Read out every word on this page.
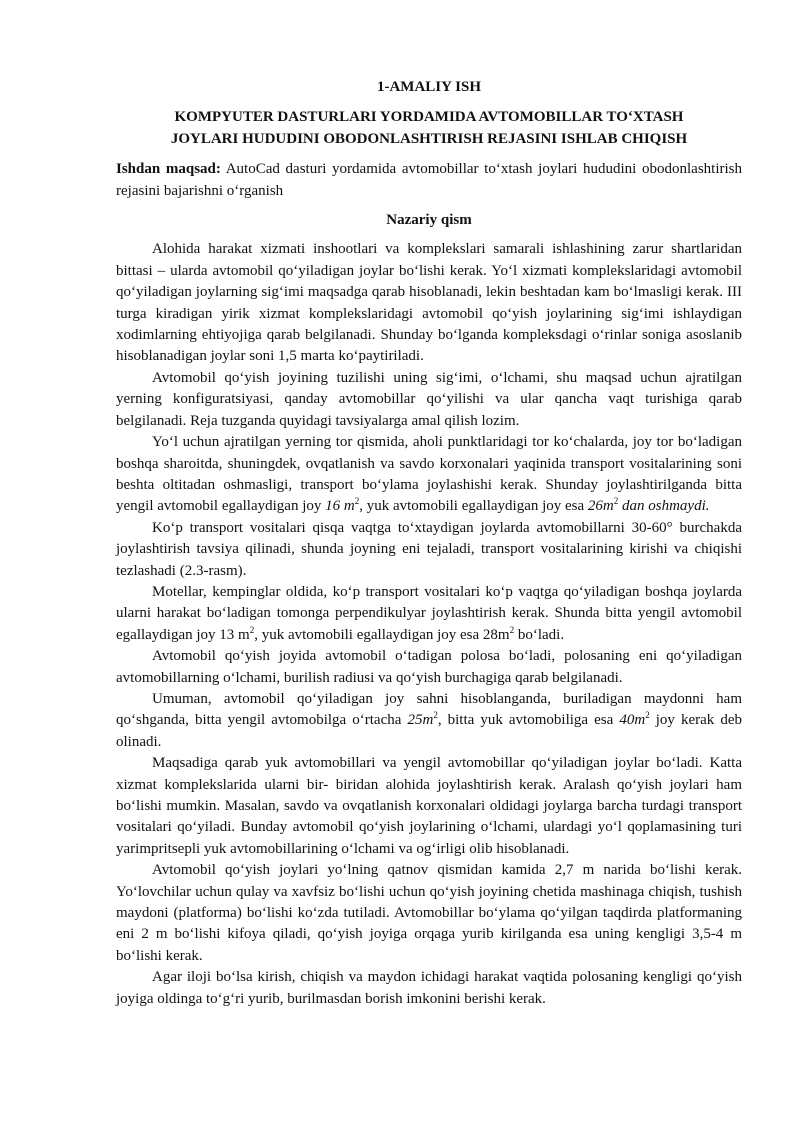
1-AMALIY ISH
KOMPYUTER DASTURLARI YORDAMIDA AVTOMOBILLAR TO‘XTASH
JOYLARI HUDUDINI OBODONLASHTIRISH REJASINI ISHLAB CHIQISH
Ishdan maqsad: AutoCad dasturi yordamida avtomobillar to‘xtash joylari hududini obodonlashtirish rejasini bajarishni o‘rganish
Nazariy qism

Alohida harakat xizmati inshootlari va komplekslari samarali ishlashining zarur shartlaridan bittasi – ularda avtomobil qo‘yiladigan joylar bo‘lishi kerak. Yo‘l xizmati komplekslaridagi avtomobil qo‘yiladigan joylarning sig‘imi maqsadga qarab hisoblanadi, lekin beshtadan kam bo‘lmasligi kerak. III turga kiradigan yirik xizmat komplekslaridagi avtomobil qo‘yish joylarining sig‘imi ishlaydigan xodimlarning ehtiyojiga qarab belgilanadi. Shunday bo‘lganda kompleksdagi o‘rinlar soniga asoslanib hisoblanadigan joylar soni 1,5 marta ko‘paytiriladi.

Avtomobil qo‘yish joyining tuzilishi uning sig‘imi, o‘lchami, shu maqsad uchun ajratilgan yerning konfiguratsiyasi, qanday avtomobillar qo‘yilishi va ular qancha vaqt turishiga qarab belgilanadi. Reja tuzganda quyidagi tavsiyalarga amal qilish lozim.

Yo‘l uchun ajratilgan yerning tor qismida, aholi punktlaridagi tor ko‘chalarda, joy tor bo‘ladigan boshqa sharoitda, shuningdek, ovqatlanish va savdo korxonalari yaqinida transport vositalarining soni beshta oltitadan oshmasligi, transport bo‘ylama joylashishi kerak. Shunday joylashtirilganda bitta yengil avtomobil egallaydigan joy 16 $m^2$, yuk avtomobili egallaydigan joy esa $26m^2$ dan oshmaydi.

Ko‘p transport vositalari qisqa vaqtga to‘xtaydigan joylarda avtomobillarni 30-60° burchakda joylashtirish tavsiya qilinadi, shunda joyning eni tejaladi, transport vositalarining kirishi va chiqishi tezlashadi (2.3-rasm).

Motellar, kempinglar oldida, ko‘p transport vositalari ko‘p vaqtga qo‘yiladigan boshqa joylarda ularni harakat bo‘ladigan tomonga perpendikulyar joylashtirish kerak. Shunda bitta yengil avtomobil egallaydigan joy 13 $m^2$, yuk avtomobili egallaydigan joy esa $28m^2$ bo‘ladi.

Avtomobil qo‘yish joyida avtomobil o‘tadigan polosa bo‘ladi, polosaning eni qo‘yiladigan avtomobillarning o‘lchami, burilish radiusi va qo‘yish burchagiga qarab belgilanadi.

Umuman, avtomobil qo‘yiladigan joy sahni hisoblanganda, buriladigan maydonni ham qo‘shganda, bitta yengil avtomobilga o‘rtacha $25m^2$, bitta yuk avtomobiliga esa $40m^2$ joy kerak deb olinadi.

Maqsadiga qarab yuk avtomobillari va yengil avtomobillar qo‘yiladigan joylar bo‘ladi. Katta xizmat komplekslarida ularni bir- biridan alohida joylashtirish kerak. Aralash qo‘yish joylari ham bo‘lishi mumkin. Masalan, savdo va ovqatlanish korxonalari oldidagi joylarga barcha turdagi transport vositalari qo‘yiladi. Bunday avtomobil qo‘yish joylarining o‘lchami, ulardagi yo‘l qoplamasining turi yarimpritsepli yuk avtomobillarining o‘lchami va og‘irligi olib hisoblanadi.

Avtomobil qo‘yish joylari yo‘lning qatnov qismidan kamida 2,7 m narida bo‘lishi kerak. Yo‘lovchilar uchun qulay va xavfsiz bo‘lishi uchun qo‘yish joyining chetida mashinaga chiqish, tushish maydoni (platforma) bo‘lishi ko‘zda tutiladi. Avtomobillar bo‘ylama qo‘yilgan taqdirda platformaning eni 2 m bo‘lishi kifoya qiladi, qo‘yish joyiga orqaga yurib kirilganda esa uning kengligi 3,5-4 m bo‘lishi kerak.

Agar iloji bo‘lsa kirish, chiqish va maydon ichidagi harakat vaqtida polosaning kengligi qo‘yish joyiga oldinga to‘g‘ri yurib, burilmasdan borish imkonini berishi kerak.
